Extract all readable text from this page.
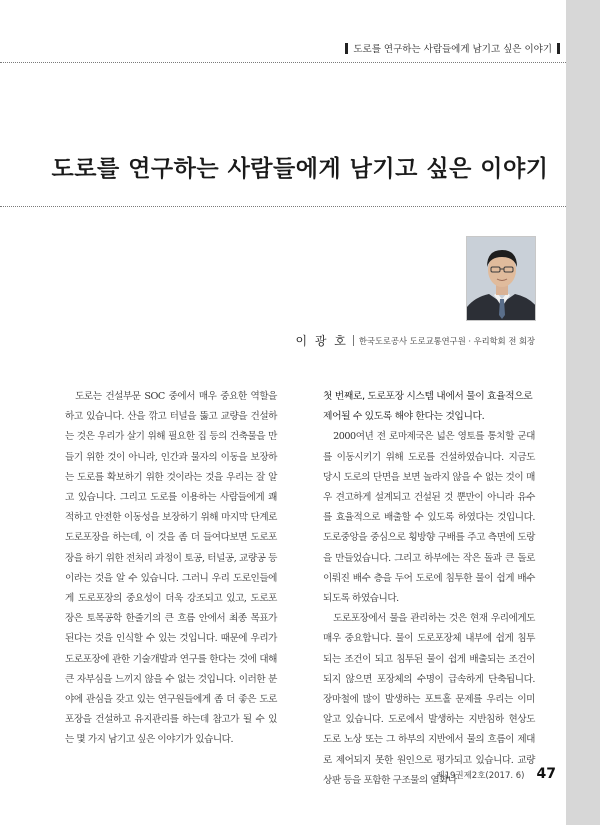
도로를 연구하는 사람들에게 남기고 싶은 이야기
도로를 연구하는 사람들에게 남기고 싶은 이야기
이 광 호 한국도로공사 도로교통연구원 · 우리학회 전 회장

도로는 건설부문 SOC 중에서 매우 중요한 역할을 하고 있습니다. 산을 깎고 터널을 뚫고 교량을 건설하는 것은 우리가 살기 위해 필요한 집 등의 건축물을 만들기 위한 것이 아니라, 인간과 물자의 이동을 보장하는 도로를 확보하기 위한 것이라는 것을 우리는 잘 알고 있습니다. 그리고 도로를 이용하는 사람들에게 쾌적하고 안전한 이동성을 보장하기 위해 마지막 단계로 도로포장을 하는데, 이 것을 좀 더 들여다보면 도로포장을 하기 위한 전처리 과정이 토공, 터널공, 교량공 등이라는 것을 알 수 있습니다. 그러니 우리 도로인들에게 도로포장의 중요성이 더욱 강조되고 있고, 도로포장은 토목공학 한줄기의 큰 흐름 안에서 최종 목표가 된다는 것을 인식할 수 있는 것입니다. 때문에 우리가 도로포장에 관한 기술개발과 연구를 한다는 것에 대해 큰 자부심을 느끼지 않을 수 없는 것입니다. 이러한 분야에 관심을 갖고 있는 연구원들에게 좀 더 좋은 도로포장을 건설하고 유지관리를 하는데 참고가 될 수 있는 몇 가지 남기고 싶은 이야기가 있습니다.

첫 번째로, 도로포장 시스템 내에서 물이 효율적으로 제어될 수 있도록 해야 한다는 것입니다.

2000여년 전 로마제국은 넓은 영토를 통치할 군대를 이동시키기 위해 도로를 건설하였습니다. 지금도 당시 도로의 단면을 보면 놀라지 않을 수 없는 것이 매우 견고하게 설계되고 건설된 것 뿐만이 아니라 유수를 효율적으로 배출할 수 있도록 하였다는 것입니다. 도로중앙을 중심으로 횡방향 구배를 주고 측면에 도랑을 만들었습니다. 그리고 하부에는 작은 돌과 큰 돌로 이뤄진 배수 층을 두어 도로에 침투한 물이 쉽게 배수되도록 하였습니다.

도로포장에서 물을 관리하는 것은 현재 우리에게도 매우 중요합니다. 물이 도로포장체 내부에 쉽게 침투되는 조건이 되고 침투된 물이 쉽게 배출되는 조건이 되지 않으면 포장체의 수명이 급속하게 단축됩니다. 장마철에 많이 발생하는 포트홀 문제를 우리는 이미 알고 있습니다. 도로에서 발생하는 지반침하 현상도 도로 노상 또는 그 하부의 지반에서 물의 흐름이 제대로 제어되지 못한 원인으로 평가되고 있습니다. 교량상판 등을 포함한 구조물의 열화나

제19권제2호(2017. 6) 47
